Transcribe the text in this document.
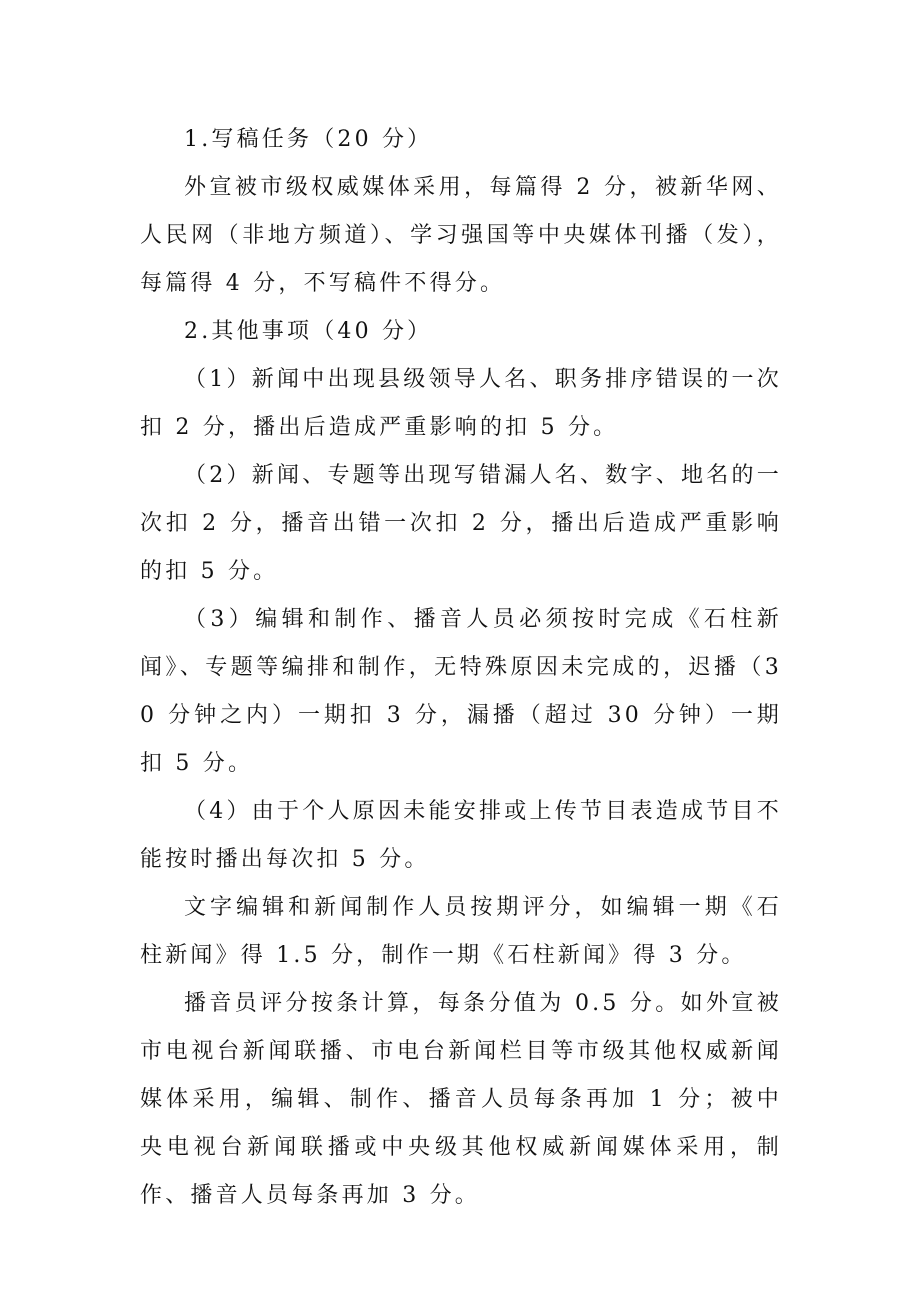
1.写稿任务（20 分）

外宣被市级权威媒体采用，每篇得 2 分，被新华网、人民网（非地方频道）、学习强国等中央媒体刊播（发），每篇得 4 分，不写稿件不得分。

2.其他事项（40 分）

（1）新闻中出现县级领导人名、职务排序错误的一次扣 2 分，播出后造成严重影响的扣 5 分。

（2）新闻、专题等出现写错漏人名、数字、地名的一次扣 2 分，播音出错一次扣 2 分，播出后造成严重影响的扣 5 分。

（3）编辑和制作、播音人员必须按时完成《石柱新闻》、专题等编排和制作，无特殊原因未完成的，迟播（30 分钟之内）一期扣 3 分，漏播（超过 30 分钟）一期扣 5 分。

（4）由于个人原因未能安排或上传节目表造成节目不能按时播出每次扣 5 分。

文字编辑和新闻制作人员按期评分，如编辑一期《石柱新闻》得 1.5 分，制作一期《石柱新闻》得 3 分。

播音员评分按条计算，每条分值为 0.5 分。如外宣被市电视台新闻联播、市电台新闻栏目等市级其他权威新闻媒体采用，编辑、制作、播音人员每条再加 1 分；被中央电视台新闻联播或中央级其他权威新闻媒体采用，制作、播音人员每条再加 3 分。
